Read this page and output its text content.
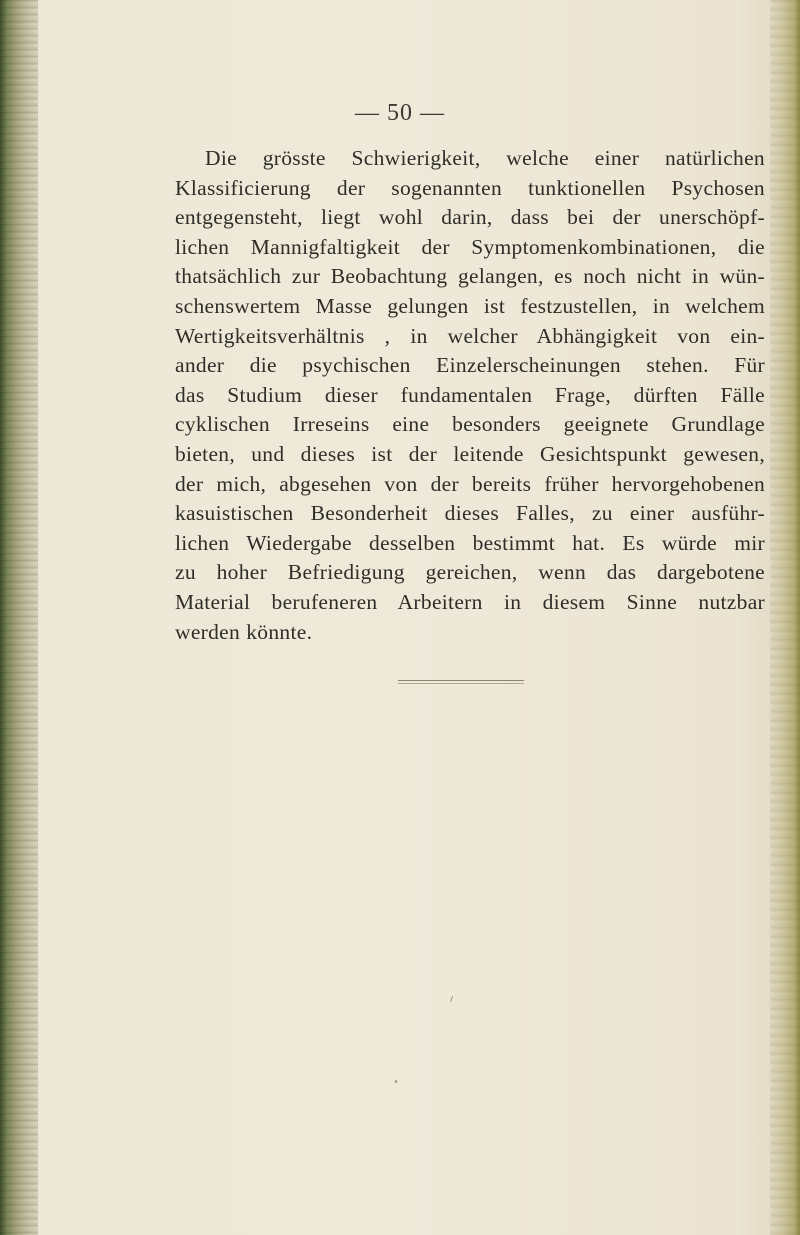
— 50 —

Die grösste Schwierigkeit, welche einer natürlichen
Klassificierung der sogenannten tunktionellen Psychosen
entgegensteht, liegt wohl darin, dass bei der unerschöpf-
lichen Mannigfaltigkeit der Symptomenkombinationen, die
thatsächlich zur Beobachtung gelangen, es noch nicht in wün-
schenswertem Masse gelungen ist festzustellen, in welchem
Wertigkeitsverhältnis , in welcher Abhängigkeit von ein-
ander die psychischen Einzelerscheinungen stehen. Für
das Studium dieser fundamentalen Frage, dürften Fälle
cyklischen Irreseins eine besonders geeignete Grundlage
bieten, und dieses ist der leitende Gesichtspunkt gewesen,
der mich, abgesehen von der bereits früher hervorgehobenen
kasuistischen Besonderheit dieses Falles, zu einer ausführ-
lichen Wiedergabe desselben bestimmt hat. Es würde mir
zu hoher Befriedigung gereichen, wenn das dargebotene
Material berufeneren Arbeitern in diesem Sinne nutzbar
werden könnte.
